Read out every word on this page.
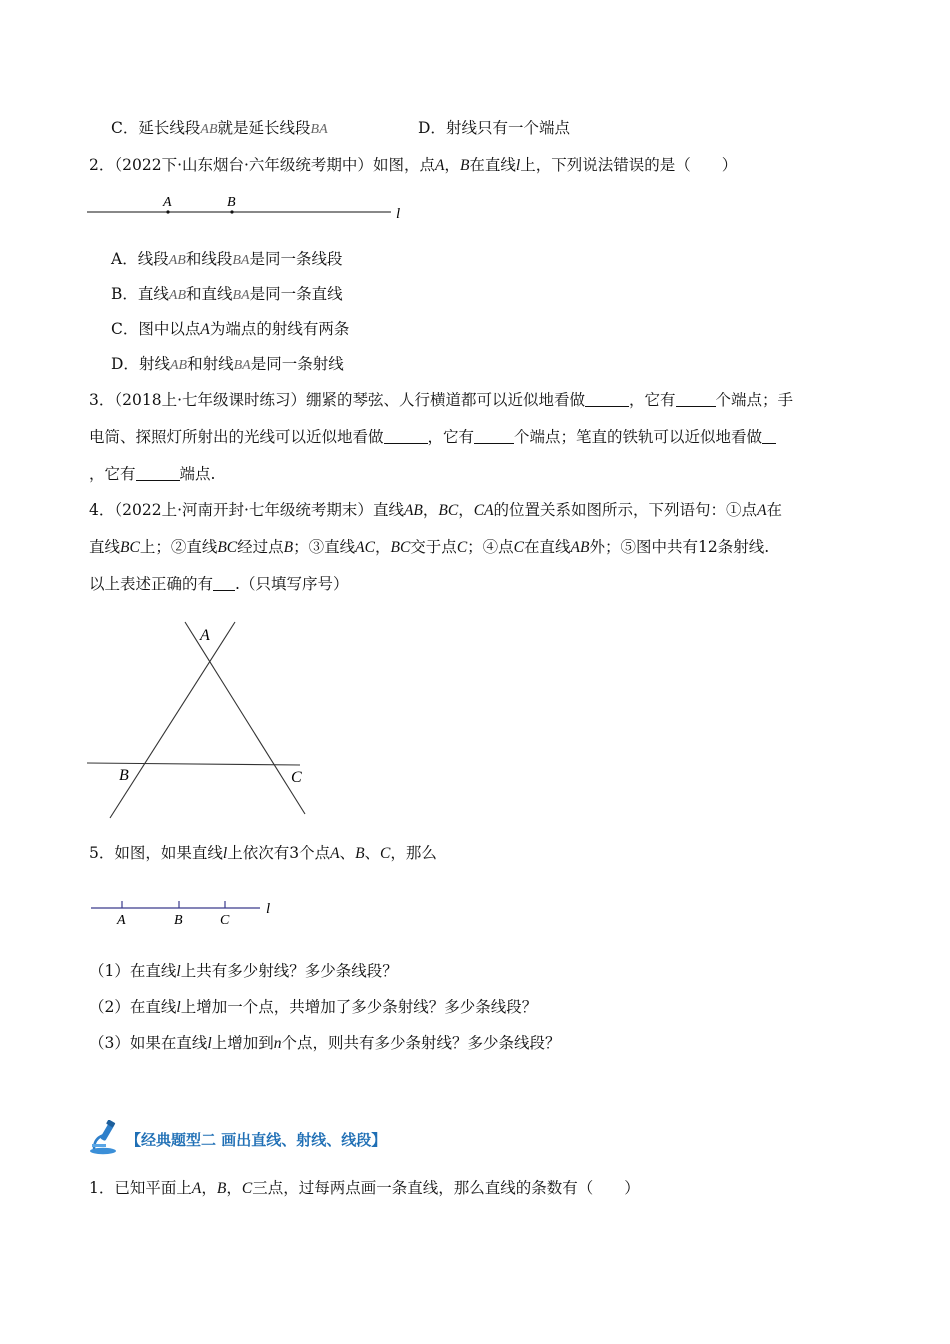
C．延长线段AB就是延长线段BA	D．射线只有一个端点
2．（2022下·山东烟台·六年级统考期中）如图，点A，B在直线l上，下列说法错误的是（　　）
A	B
l
A．线段AB和线段BA是同一条线段
B．直线AB和直线BA是同一条直线
C．图中以点A为端点的射线有两条
D．射线AB和射线BA是同一条射线
3．（2018上·七年级课时练习）绷紧的琴弦、人行横道都可以近似地看做	，它有	个端点；手
电筒、探照灯所射出的光线可以近似地看做	，它有	个端点；笔直的铁轨可以近似地看做
，它有	端点.
4．（2022上·河南开封·七年级统考期末）直线AB，BC，CA的位置关系如图所示，下列语句：①点A在
直线BC上；②直线BC经过点B；③直线AC，BC交于点C；④点C在直线AB外；⑤图中共有12条射线.
以上表述正确的有 .（只填写序号）
A
B	C
5．如图，如果直线l上依次有3个点A、B、C，那么
A	B	C
l
（1）在直线l上共有多少射线？多少条线段？
（2）在直线l上增加一个点，共增加了多少条射线？多少条线段？
（3）如果在直线l上增加到n个点，则共有多少条射线？多少条线段？
【经典题型二 画出直线、射线、线段】
1．已知平面上A，B，C三点，过每两点画一条直线，那么直线的条数有（　　）
